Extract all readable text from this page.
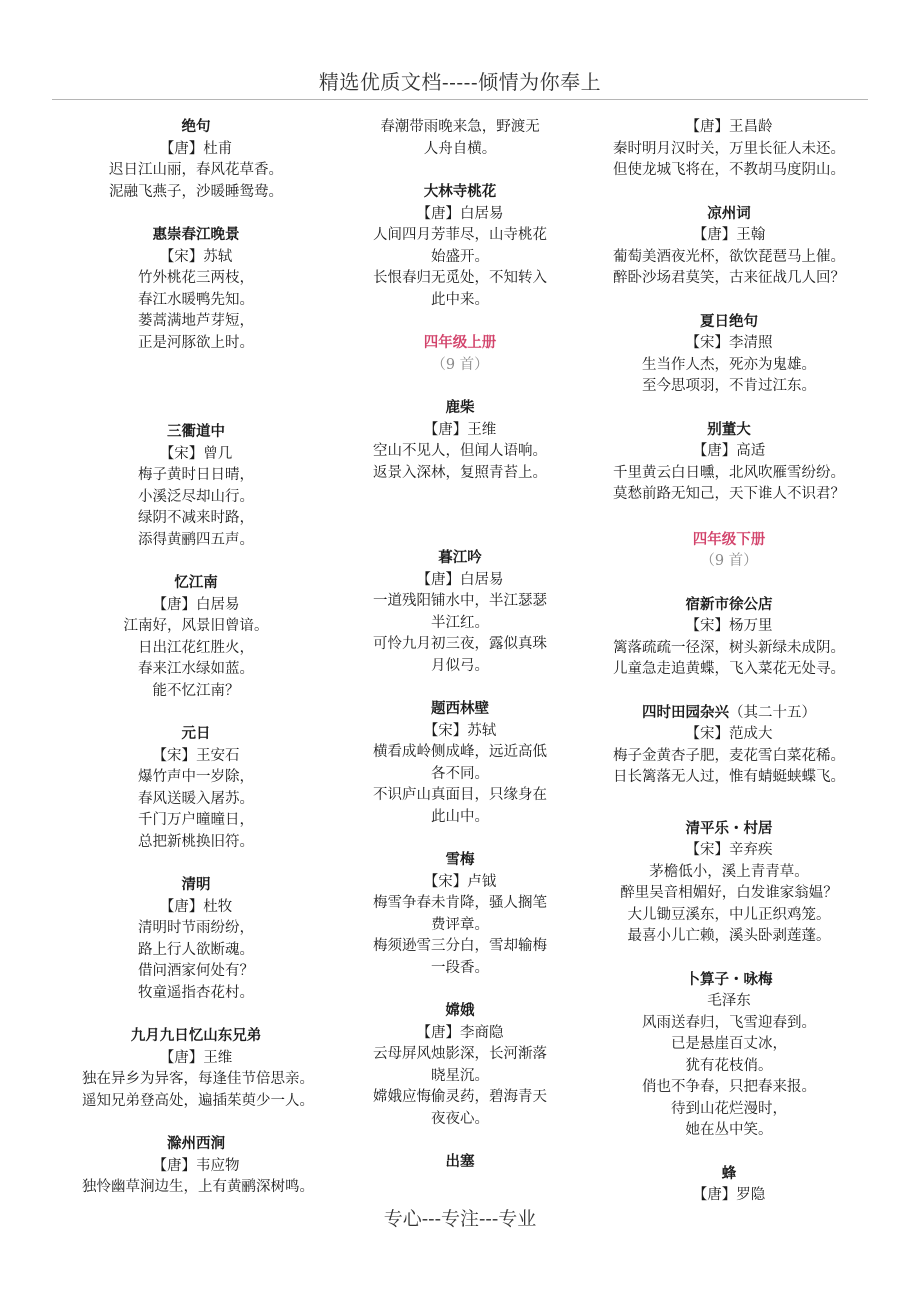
精选优质文档-----倾情为你奉上
绝句
【唐】杜甫
迟日江山丽，春风花草香。
泥融飞燕子，沙暖睡鸳鸯。
惠崇春江晚景
【宋】苏轼
竹外桃花三两枝，
春江水暖鸭先知。
蒌蒿满地芦芽短，
正是河豚欲上时。
三衢道中
【宋】曾几
梅子黄时日日晴，
小溪泛尽却山行。
绿阴不减来时路，
添得黄鹂四五声。
忆江南
【唐】白居易
江南好，风景旧曾谙。
日出江花红胜火，
春来江水绿如蓝。
能不忆江南？
元日
【宋】王安石
爆竹声中一岁除，
春风送暖入屠苏。
千门万户曈曈日，
总把新桃换旧符。
清明
【唐】杜牧
清明时节雨纷纷，
路上行人欲断魂。
借问酒家何处有？
牧童遥指杏花村。
九月九日忆山东兄弟
【唐】王维
独在异乡为异客，每逢佳节倍思亲。
遥知兄弟登高处，遍插茱萸少一人。
滁州西涧
【唐】韦应物
独怜幽草涧边生，上有黄鹂深树鸣。
春潮带雨晚来急，野渡无
人舟自横。
大林寺桃花
【唐】白居易
人间四月芳菲尽，山寺桃花
始盛开。
长恨春归无觅处，不知转入
此中来。
四年级上册
（9 首）
鹿柴
【唐】王维
空山不见人，但闻人语响。
返景入深林，复照青苔上。
暮江吟
【唐】白居易
一道残阳铺水中，半江瑟瑟
半江红。
可怜九月初三夜，露似真珠
月似弓。
题西林壁
【宋】苏轼
横看成岭侧成峰，远近高低
各不同。
不识庐山真面目，只缘身在
此山中。
雪梅
【宋】卢钺
梅雪争春未肯降，骚人搁笔
费评章。
梅须逊雪三分白，雪却输梅
一段香。
嫦娥
【唐】李商隐
云母屏风烛影深，长河渐落
晓星沉。
嫦娥应悔偷灵药，碧海青天
夜夜心。
出塞
【唐】王昌龄
秦时明月汉时关，万里长征人未还。
但使龙城飞将在，不教胡马度阴山。
凉州词
【唐】王翰
葡萄美酒夜光杯，欲饮琵琶马上催。
醉卧沙场君莫笑，古来征战几人回？
夏日绝句
【宋】李清照
生当作人杰，死亦为鬼雄。
至今思项羽，不肯过江东。
别董大
【唐】高适
千里黄云白日曛，北风吹雁雪纷纷。
莫愁前路无知己，天下谁人不识君？
四年级下册
（9 首）
宿新市徐公店
【宋】杨万里
篱落疏疏一径深，树头新绿未成阴。
儿童急走追黄蝶，飞入菜花无处寻。
四时田园杂兴（其二十五）
【宋】范成大
梅子金黄杏子肥，麦花雪白菜花稀。
日长篱落无人过，惟有蜻蜓蛱蝶飞。
清平乐・村居
【宋】辛弃疾
茅檐低小，溪上青青草。
醉里吴音相媚好，白发谁家翁媪？
大儿锄豆溪东，中儿正织鸡笼。
最喜小儿亡赖，溪头卧剥莲蓬。
卜算子・咏梅
毛泽东
风雨送春归，飞雪迎春到。
已是悬崖百丈冰，
犹有花枝俏。
俏也不争春，只把春来报。
待到山花烂漫时，
她在丛中笑。
蜂
【唐】罗隐
专心---专注---专业
